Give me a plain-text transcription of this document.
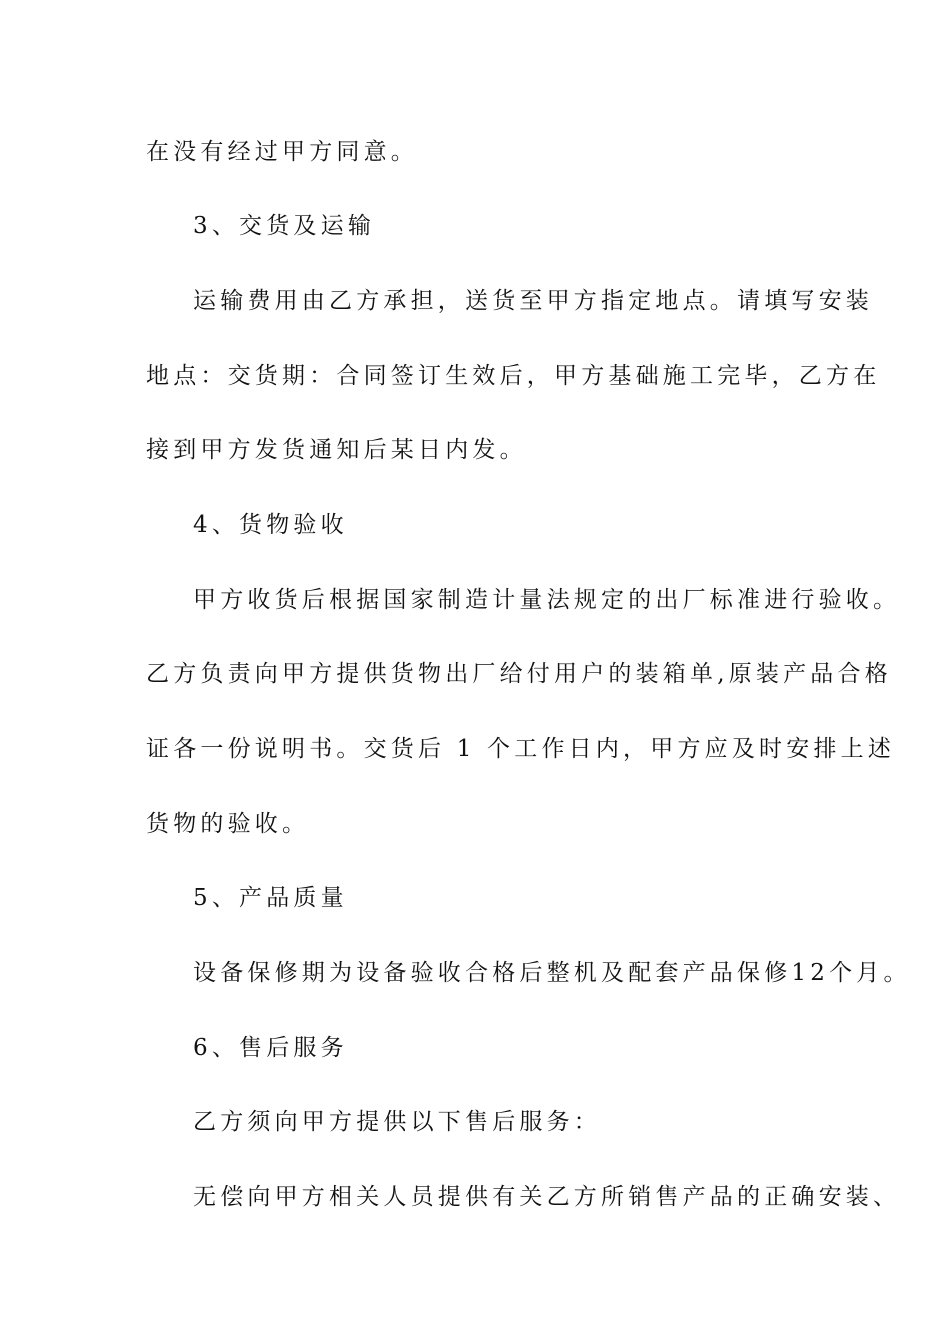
在没有经过甲方同意。

3、交货及运输

运输费用由乙方承担，送货至甲方指定地点。请填写安装

地点：交货期：合同签订生效后，甲方基础施工完毕，乙方在

接到甲方发货通知后某日内发。

4、货物验收

甲方收货后根据国家制造计量法规定的出厂标准进行验收。

乙方负责向甲方提供货物出厂给付用户的装箱单,原装产品合格

证各一份说明书。交货后 1 个工作日内，甲方应及时安排上述

货物的验收。

5、产品质量

设备保修期为设备验收合格后整机及配套产品保修12个月。

6、售后服务

乙方须向甲方提供以下售后服务：

无偿向甲方相关人员提供有关乙方所销售产品的正确安装、
